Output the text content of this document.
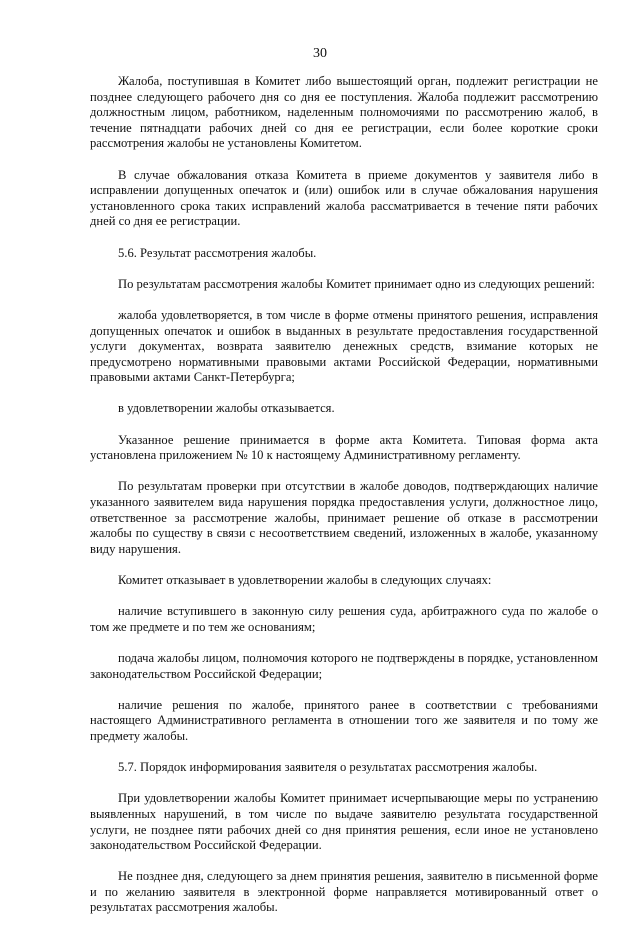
30

Жалоба, поступившая в Комитет либо вышестоящий орган, подлежит регистрации не позднее следующего рабочего дня со дня ее поступления. Жалоба подлежит рассмотрению должностным лицом, работником, наделенным полномочиями по рассмотрению жалоб, в течение пятнадцати рабочих дней со дня ее регистрации, если более короткие сроки рассмотрения жалобы не установлены Комитетом.

В случае обжалования отказа Комитета в приеме документов у заявителя либо в исправлении допущенных опечаток и (или) ошибок или в случае обжалования нарушения установленного срока таких исправлений жалоба рассматривается в течение пяти рабочих дней со дня ее регистрации.

5.6. Результат рассмотрения жалобы.

По результатам рассмотрения жалобы Комитет принимает одно из следующих решений:

жалоба удовлетворяется, в том числе в форме отмены принятого решения, исправления допущенных опечаток и ошибок в выданных в результате предоставления государственной услуги документах, возврата заявителю денежных средств, взимание которых не предусмотрено нормативными правовыми актами Российской Федерации, нормативными правовыми актами Санкт-Петербурга;

в удовлетворении жалобы отказывается.

Указанное решение принимается в форме акта Комитета. Типовая форма акта установлена приложением № 10 к настоящему Административному регламенту.

По результатам проверки при отсутствии в жалобе доводов, подтверждающих наличие указанного заявителем вида нарушения порядка предоставления услуги, должностное лицо, ответственное за рассмотрение жалобы, принимает решение об отказе в рассмотрении жалобы по существу в связи с несоответствием сведений, изложенных в жалобе, указанному виду нарушения.

Комитет отказывает в удовлетворении жалобы в следующих случаях:

наличие вступившего в законную силу решения суда, арбитражного суда по жалобе о том же предмете и по тем же основаниям;

подача жалобы лицом, полномочия которого не подтверждены в порядке, установленном законодательством Российской Федерации;

наличие решения по жалобе, принятого ранее в соответствии с требованиями настоящего Административного регламента в отношении того же заявителя и по тому же предмету жалобы.

5.7. Порядок информирования заявителя о результатах рассмотрения жалобы.

При удовлетворении жалобы Комитет принимает исчерпывающие меры по устранению выявленных нарушений, в том числе по выдаче заявителю результата государственной услуги, не позднее пяти рабочих дней со дня принятия решения, если иное не установлено законодательством Российской Федерации.

Не позднее дня, следующего за днем принятия решения, заявителю в письменной форме и по желанию заявителя в электронной форме направляется мотивированный ответ о результатах рассмотрения жалобы.
